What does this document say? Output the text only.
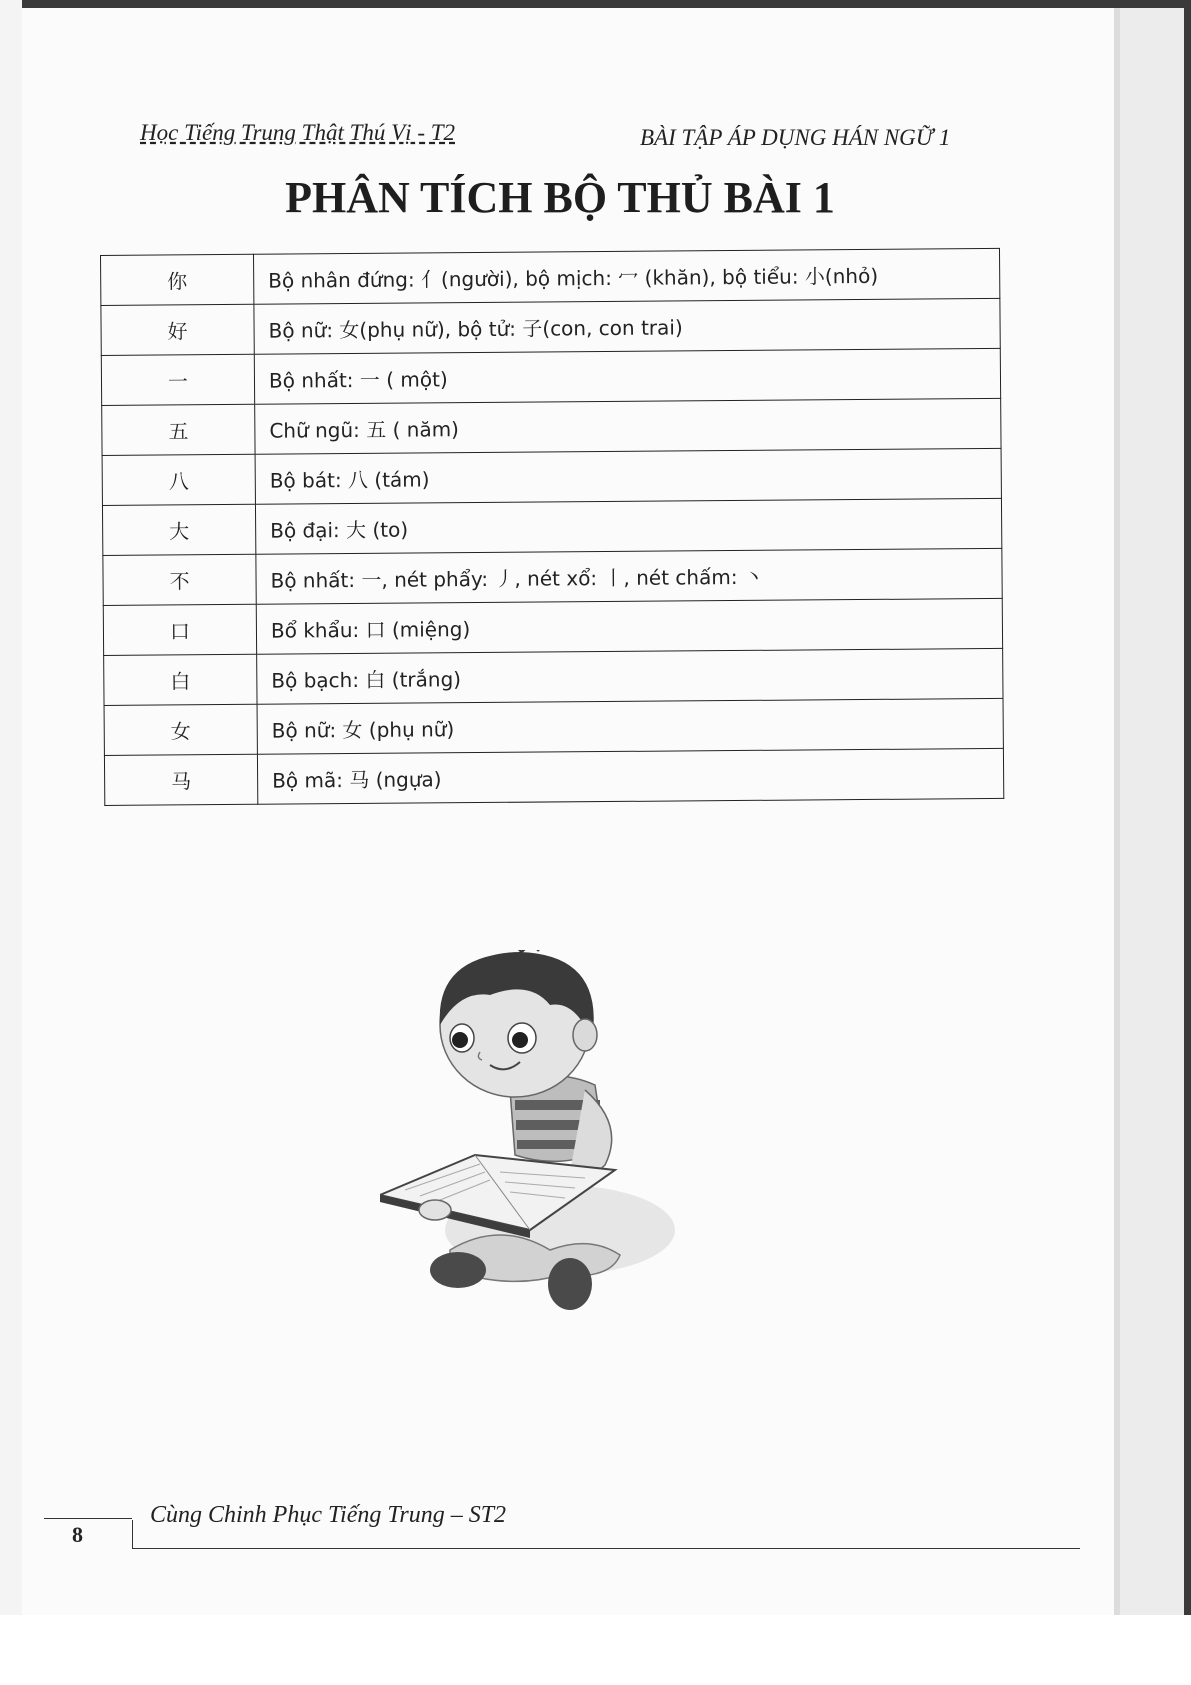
Học Tiếng Trung Thật Thú Vị - T2	BÀI TẬP ÁP DỤNG HÁN NGỮ 1
PHÂN TÍCH BỘ THỦ BÀI 1
你	Bộ nhân đứng: 亻(người), bộ mịch: 冖 (khăn), bộ tiểu: 小(nhỏ)
好	Bộ nữ: 女(phụ nữ), bộ tử: 子(con, con trai)
一	Bộ nhất: 一 ( một)
五	Chữ ngũ: 五 ( năm)
八	Bộ bát: 八 (tám)
大	Bộ đại: 大 (to)
不	Bộ nhất: 一, nét phẩy: 丿, nét xổ: 丨, nét chấm: 丶
口	Bổ khẩu: 口 (miệng)
白	Bộ bạch: 白 (trắng)
女	Bộ nữ: 女 (phụ nữ)
马	Bộ mã: 马 (ngựa)
8
Cùng Chinh Phục Tiếng Trung – ST2
